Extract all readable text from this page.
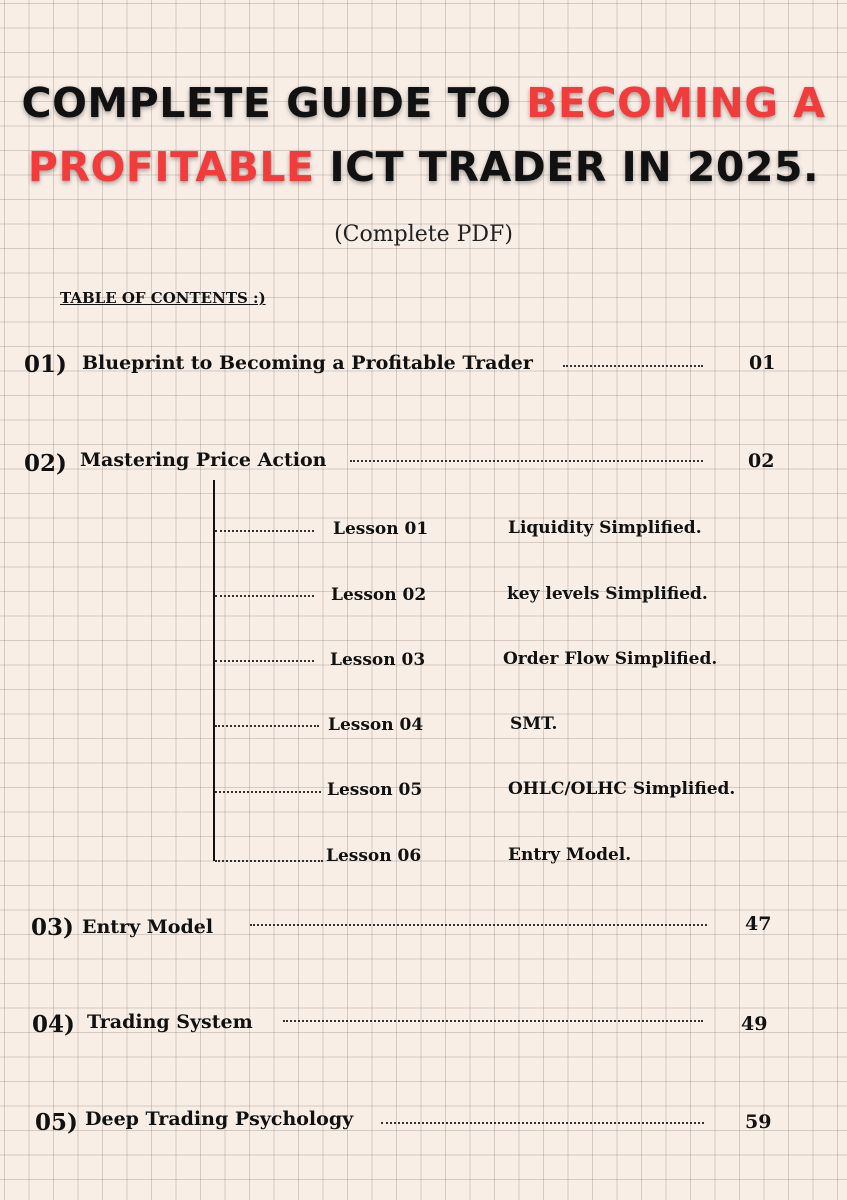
COMPLETE GUIDE TO BECOMING A
PROFITABLE ICT TRADER IN 2025.
(Complete PDF)
TABLE OF CONTENTS :)
01) Blueprint to Becoming a Profitable Trader	01
02) Mastering Price Action	02
Lesson 01	Liquidity Simplified.
Lesson 02	key levels Simplified.
Lesson 03	Order Flow Simplified.
Lesson 04	SMT.
Lesson 05	OHLC/OLHC Simplified.
Lesson 06	Entry Model.
03) Entry Model	47
04) Trading System	49
05) Deep Trading Psychology	59
